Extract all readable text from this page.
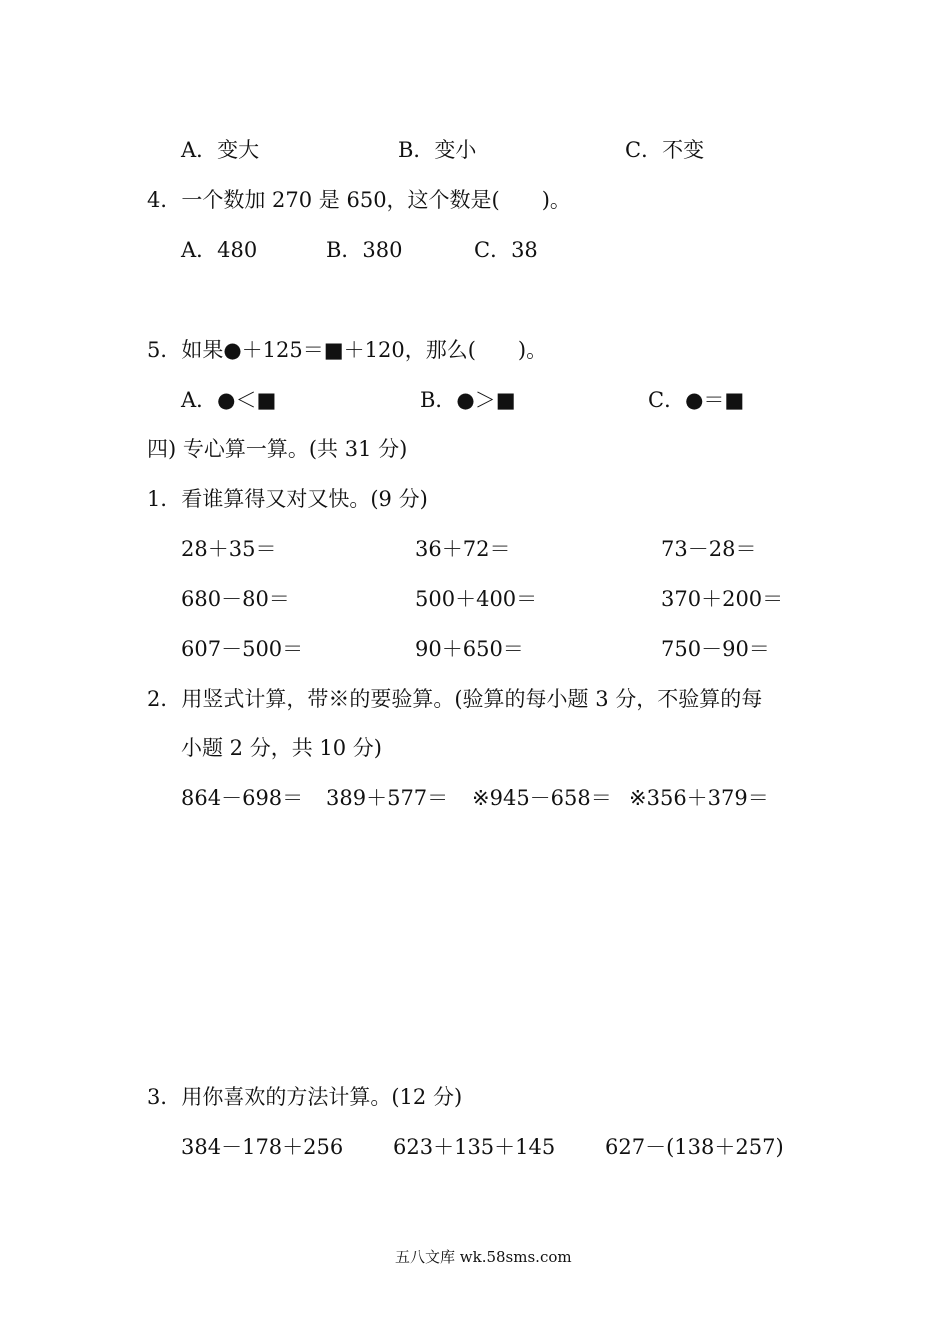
A．变大	B．变小	C．不变
4．一个数加 270 是 650，这个数是(　　)。
A．480	B．380	C．38
5．如果●＋125＝■＋120，那么(　　)。
A．●＜■	B．●＞■	C．●＝■
四) 专心算一算。(共 31 分)
1．看谁算得又对又快。(9 分)
28＋35＝	36＋72＝	73－28＝
680－80＝	500＋400＝	370＋200＝
607－500＝	90＋650＝	750－90＝
2．用竖式计算，带※的要验算。(验算的每小题 3 分，不验算的每
小题 2 分，共 10 分)
864－698＝ 389＋577＝ ※945－658＝ ※356＋379＝
3．用你喜欢的方法计算。(12 分)
384－178＋256 623＋135＋145 627－(138＋257)
五八文库 wk.58sms.com
